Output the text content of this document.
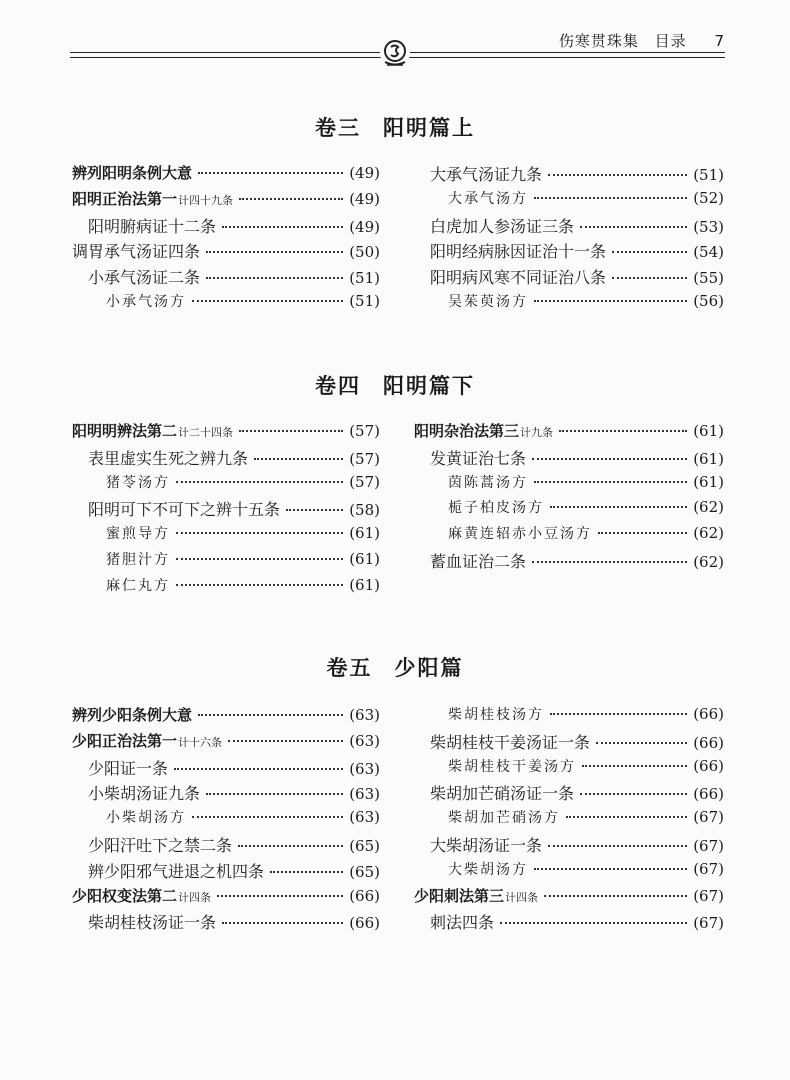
伤寒贯珠集 目录 7
卷三 阳明篇上
辨列阳明条例大意	(49)
阳明正治法第一 计四十九条	(49)
阳明腑病证十二条	(49)
调胃承气汤证四条	(50)
小承气汤证二条	(51)
小承气汤方	(51)
大承气汤证九条	(51)
大承气汤方	(52)
白虎加人参汤证三条	(53)
阳明经病脉因证治十一条	(54)
阳明病风寒不同证治八条	(55)
吴茱萸汤方	(56)
卷四 阳明篇下
阳明明辨法第二 计二十四条	(57)
表里虚实生死之辨九条	(57)
猪苓汤方	(57)
阳明可下不可下之辨十五条	(58)
蜜煎导方	(61)
猪胆汁方	(61)
麻仁丸方	(61)
阳明杂治法第三 计九条	(61)
发黄证治七条	(61)
茵陈蒿汤方	(61)
栀子柏皮汤方	(62)
麻黄连轺赤小豆汤方	(62)
蓄血证治二条	(62)
卷五 少阳篇
辨列少阳条例大意	(63)
少阳正治法第一 计十六条	(63)
少阳证一条	(63)
小柴胡汤证九条	(63)
小柴胡汤方	(63)
少阳汗吐下之禁二条	(65)
辨少阳邪气进退之机四条	(65)
少阳权变法第二 计四条	(66)
柴胡桂枝汤证一条	(66)
柴胡桂枝汤方	(66)
柴胡桂枝干姜汤证一条	(66)
柴胡桂枝干姜汤方	(66)
柴胡加芒硝汤证一条	(66)
柴胡加芒硝汤方	(67)
大柴胡汤证一条	(67)
大柴胡汤方	(67)
少阳刺法第三 计四条	(67)
刺法四条	(67)
